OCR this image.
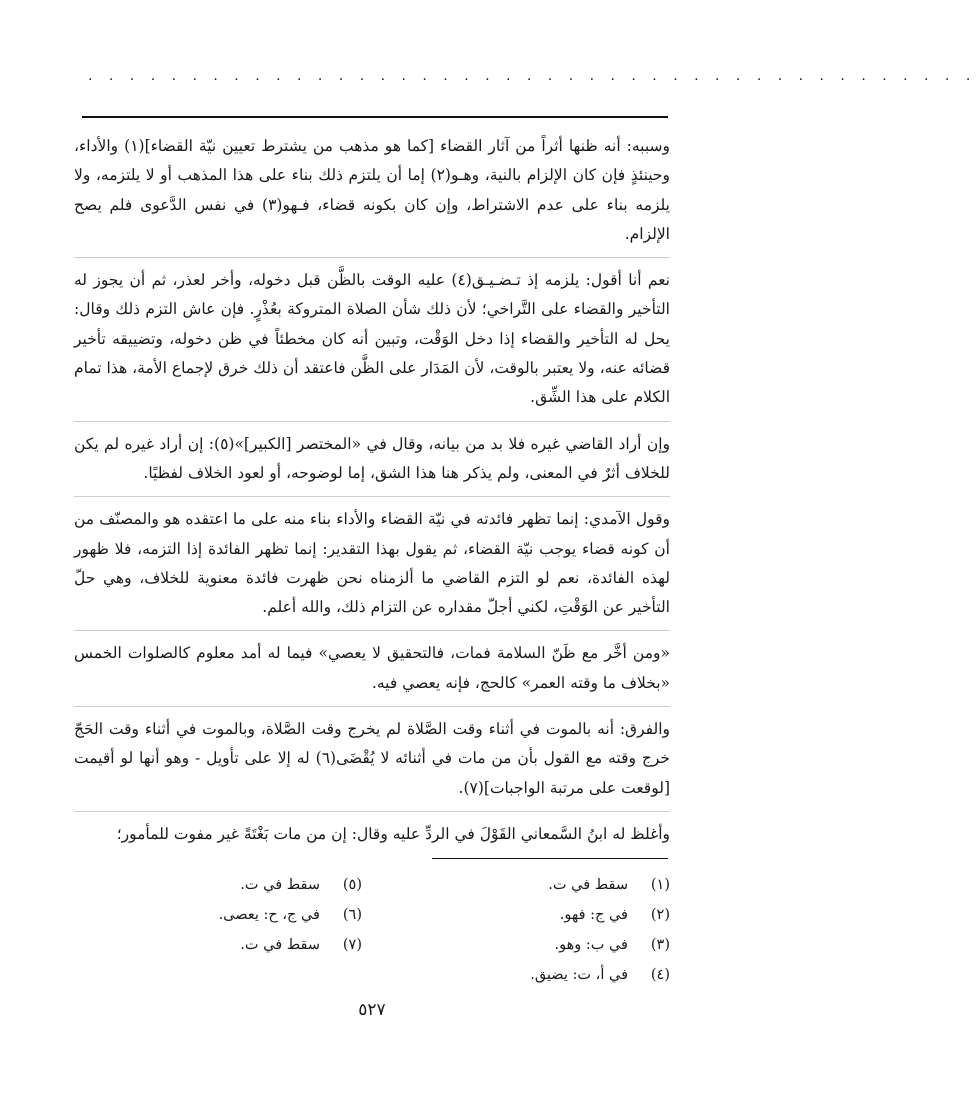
. . . . . . . . . . . . . . . . . . . . . . . . . . . . . . . . . . . . . . . . . . .

وسببه: أنه ظنها أثراً من آثار القضاء [كما هو مذهب من يشترط تعيين نيّة القضاء](١) والأداء، وحينئذٍ فإن كان الإلزام بالنية، وهـو(٢) إما أن يلتزم ذلك بناء على هذا المذهب أو لا يلتزمه، ولا يلزمه بناء على عدم الاشتراط، وإن كان بكونه قضاء، فـهو(٣) في نفس الدَّعوى فلم يصح الإلزام.

نعم أنا أقول: يلزمه إذ تـضـيـق(٤) عليه الوقت بالظَّن قبل دخوله، وأخر لعذر، ثم أن يجوز له التأخير والقضاء على التَّراخي؛ لأن ذلك شأن الصلاة المتروكة بعُذْرٍ. فإن عاش التزم ذلك وقال: يحل له التأخير والقضاء إذا دخل الوَقْت، وتبين أنه كان مخطئاً في ظن دخوله، وتضييقه تأخير قضائه عنه، ولا يعتبر بالوقت، لأن المَدَار على الظَّن فاعتقد أن ذلك خرق لإجماع الأمة، هذا تمام الكلام على هذا الشِّق.

وإن أراد القاضي غيره فلا بد من بيانه، وقال في «المختصر [الكبير]»(٥): إن أراد غيره لم يكن للخلاف أثرٌ في المعنى، ولم يذكر هنا هذا الشق، إما لوضوحه، أو لعود الخلاف لفظيًا.

وقول الآمدي: إنما تظهر فائدته في نيّة القضاء والأداء بناء منه على ما اعتقده هو والمصنّف من أن كونه قضاء يوجب نيّة القضاء، ثم يقول بهذا التقدير: إنما تظهر الفائدة إذا التزمه، فلا ظهور لهذه الفائدة، نعم لو التزم القاضي ما ألزمناه نحن ظهرت فائدة معنوية للخلاف، وهي حلّ التأخير عن الوَقْتِ، لكني أجلّ مقداره عن التزام ذلك، والله أعلم.

«ومن أخَّر مع ظَنّ السلامة فمات، فالتحقيق لا يعصي» فيما له أمد معلوم كالصلوات الخمس «بخلاف ما وقته العمر» كالحج، فإنه يعصي فيه.

والفرق: أنه بالموت في أثناء وقت الصَّلاة لم يخرج وقت الصَّلاة، وبالموت في أثناء وقت الحَجّ خرج وقته مع القول بأن من مات في أثنائه لا يُقْضَى(٦) له إلا على تأويل - وهو أنها لو أقيمت [لوقعت على مرتبة الواجبات](٧).

وأغلظ له ابنُ السَّمعاني القَوْلَ في الردِّ عليه وقال: إن من مات بَغْتَةً غير مفوت للمأمور؛

(١)سقط في ت.
(٢)في ج: فهو.
(٣)في ب: وهو.
(٤)في أ، ت: يضيق.
(٥)سقط في ت.
(٦)في ج، ح: يعصى.
(٧)سقط في ت.
٥٢٧
